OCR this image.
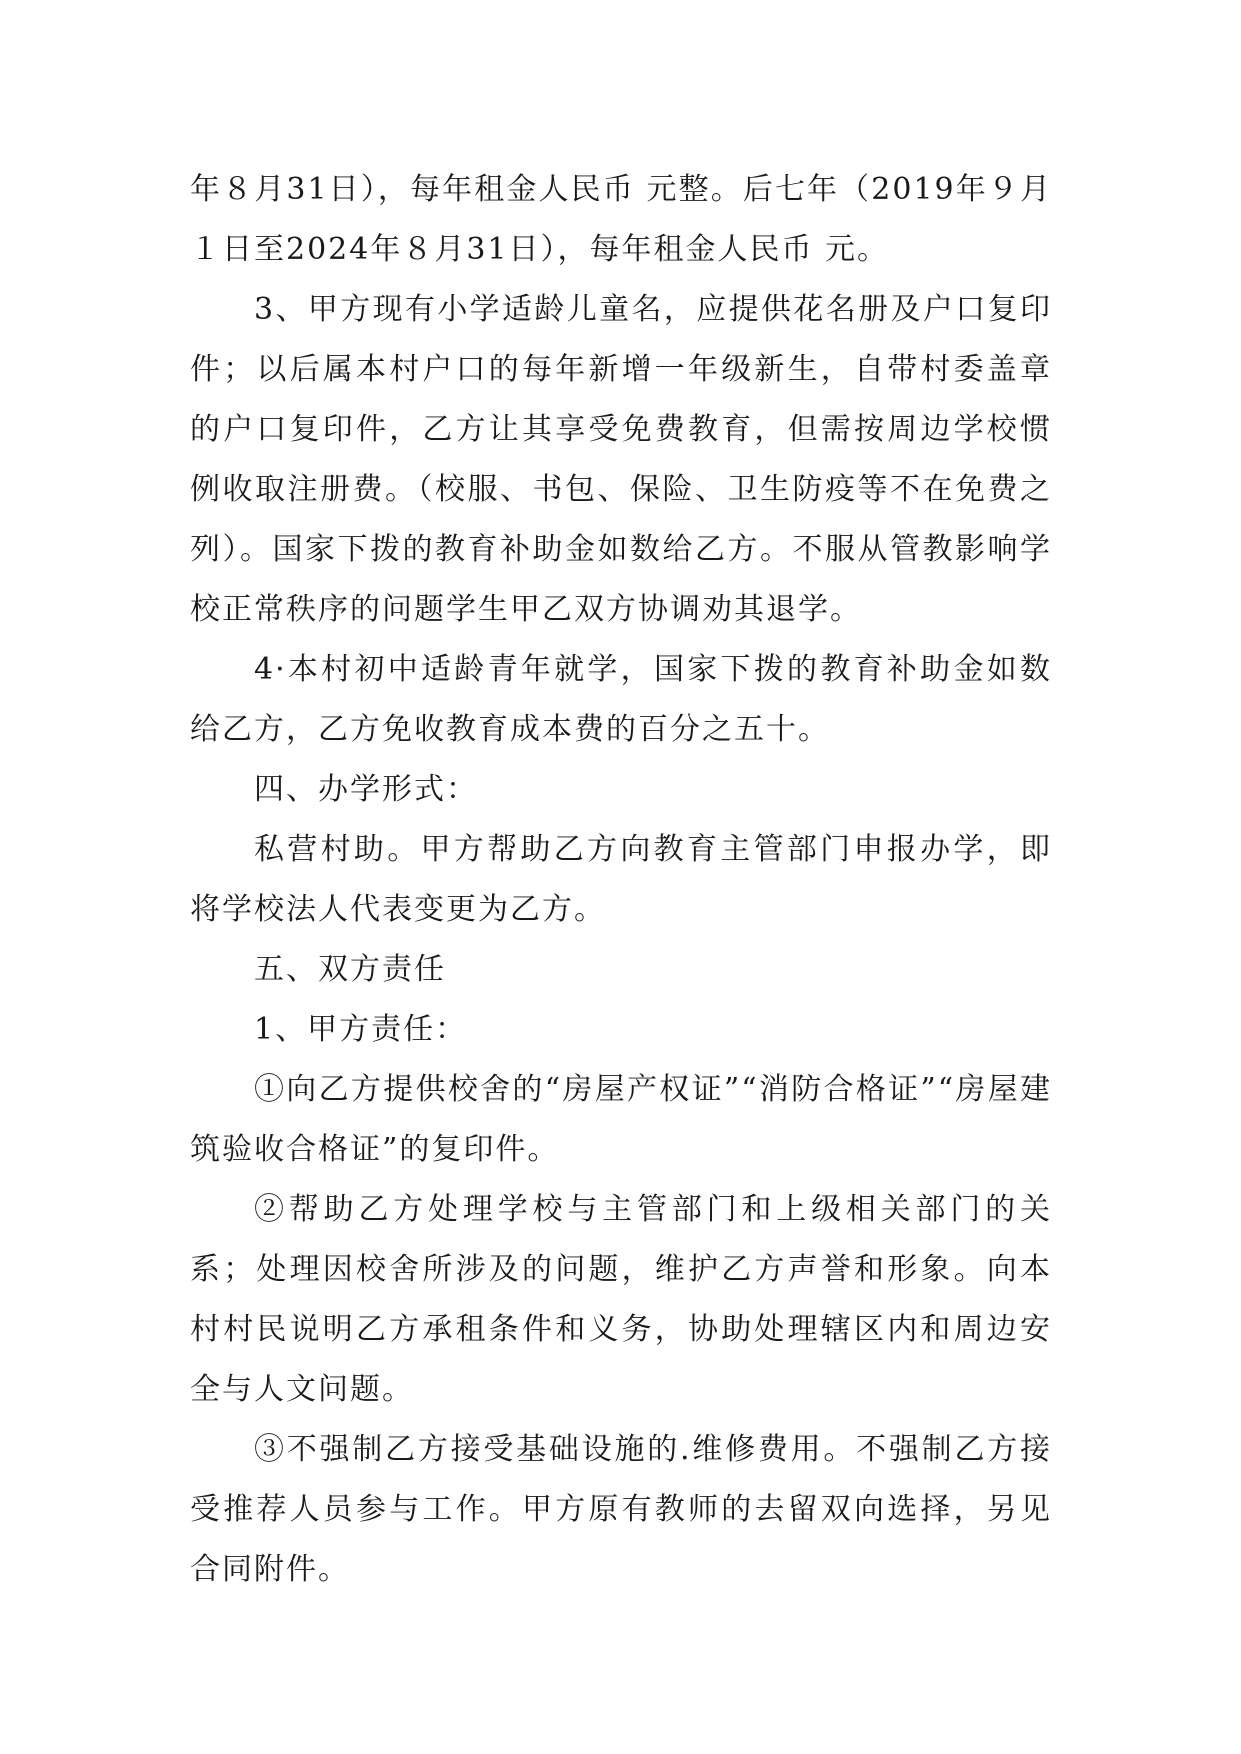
年８月31日），每年租金人民币 元整。后七年（2019年９月１日至2024年８月31日），每年租金人民币 元。

3、甲方现有小学适龄儿童名，应提供花名册及户口复印件；以后属本村户口的每年新增一年级新生，自带村委盖章的户口复印件，乙方让其享受免费教育，但需按周边学校惯例收取注册费。（校服、书包、保险、卫生防疫等不在免费之列）。国家下拨的教育补助金如数给乙方。不服从管教影响学校正常秩序的问题学生甲乙双方协调劝其退学。

4·本村初中适龄青年就学，国家下拨的教育补助金如数给乙方，乙方免收教育成本费的百分之五十。

四、办学形式：

私营村助。甲方帮助乙方向教育主管部门申报办学，即将学校法人代表变更为乙方。

五、双方责任

1、甲方责任：

①向乙方提供校舍的“房屋产权证”“消防合格证”“房屋建筑验收合格证”的复印件。

②帮助乙方处理学校与主管部门和上级相关部门的关系；处理因校舍所涉及的问题，维护乙方声誉和形象。向本村村民说明乙方承租条件和义务，协助处理辖区内和周边安全与人文问题。

③不强制乙方接受基础设施的.维修费用。不强制乙方接受推荐人员参与工作。甲方原有教师的去留双向选择，另见合同附件。
